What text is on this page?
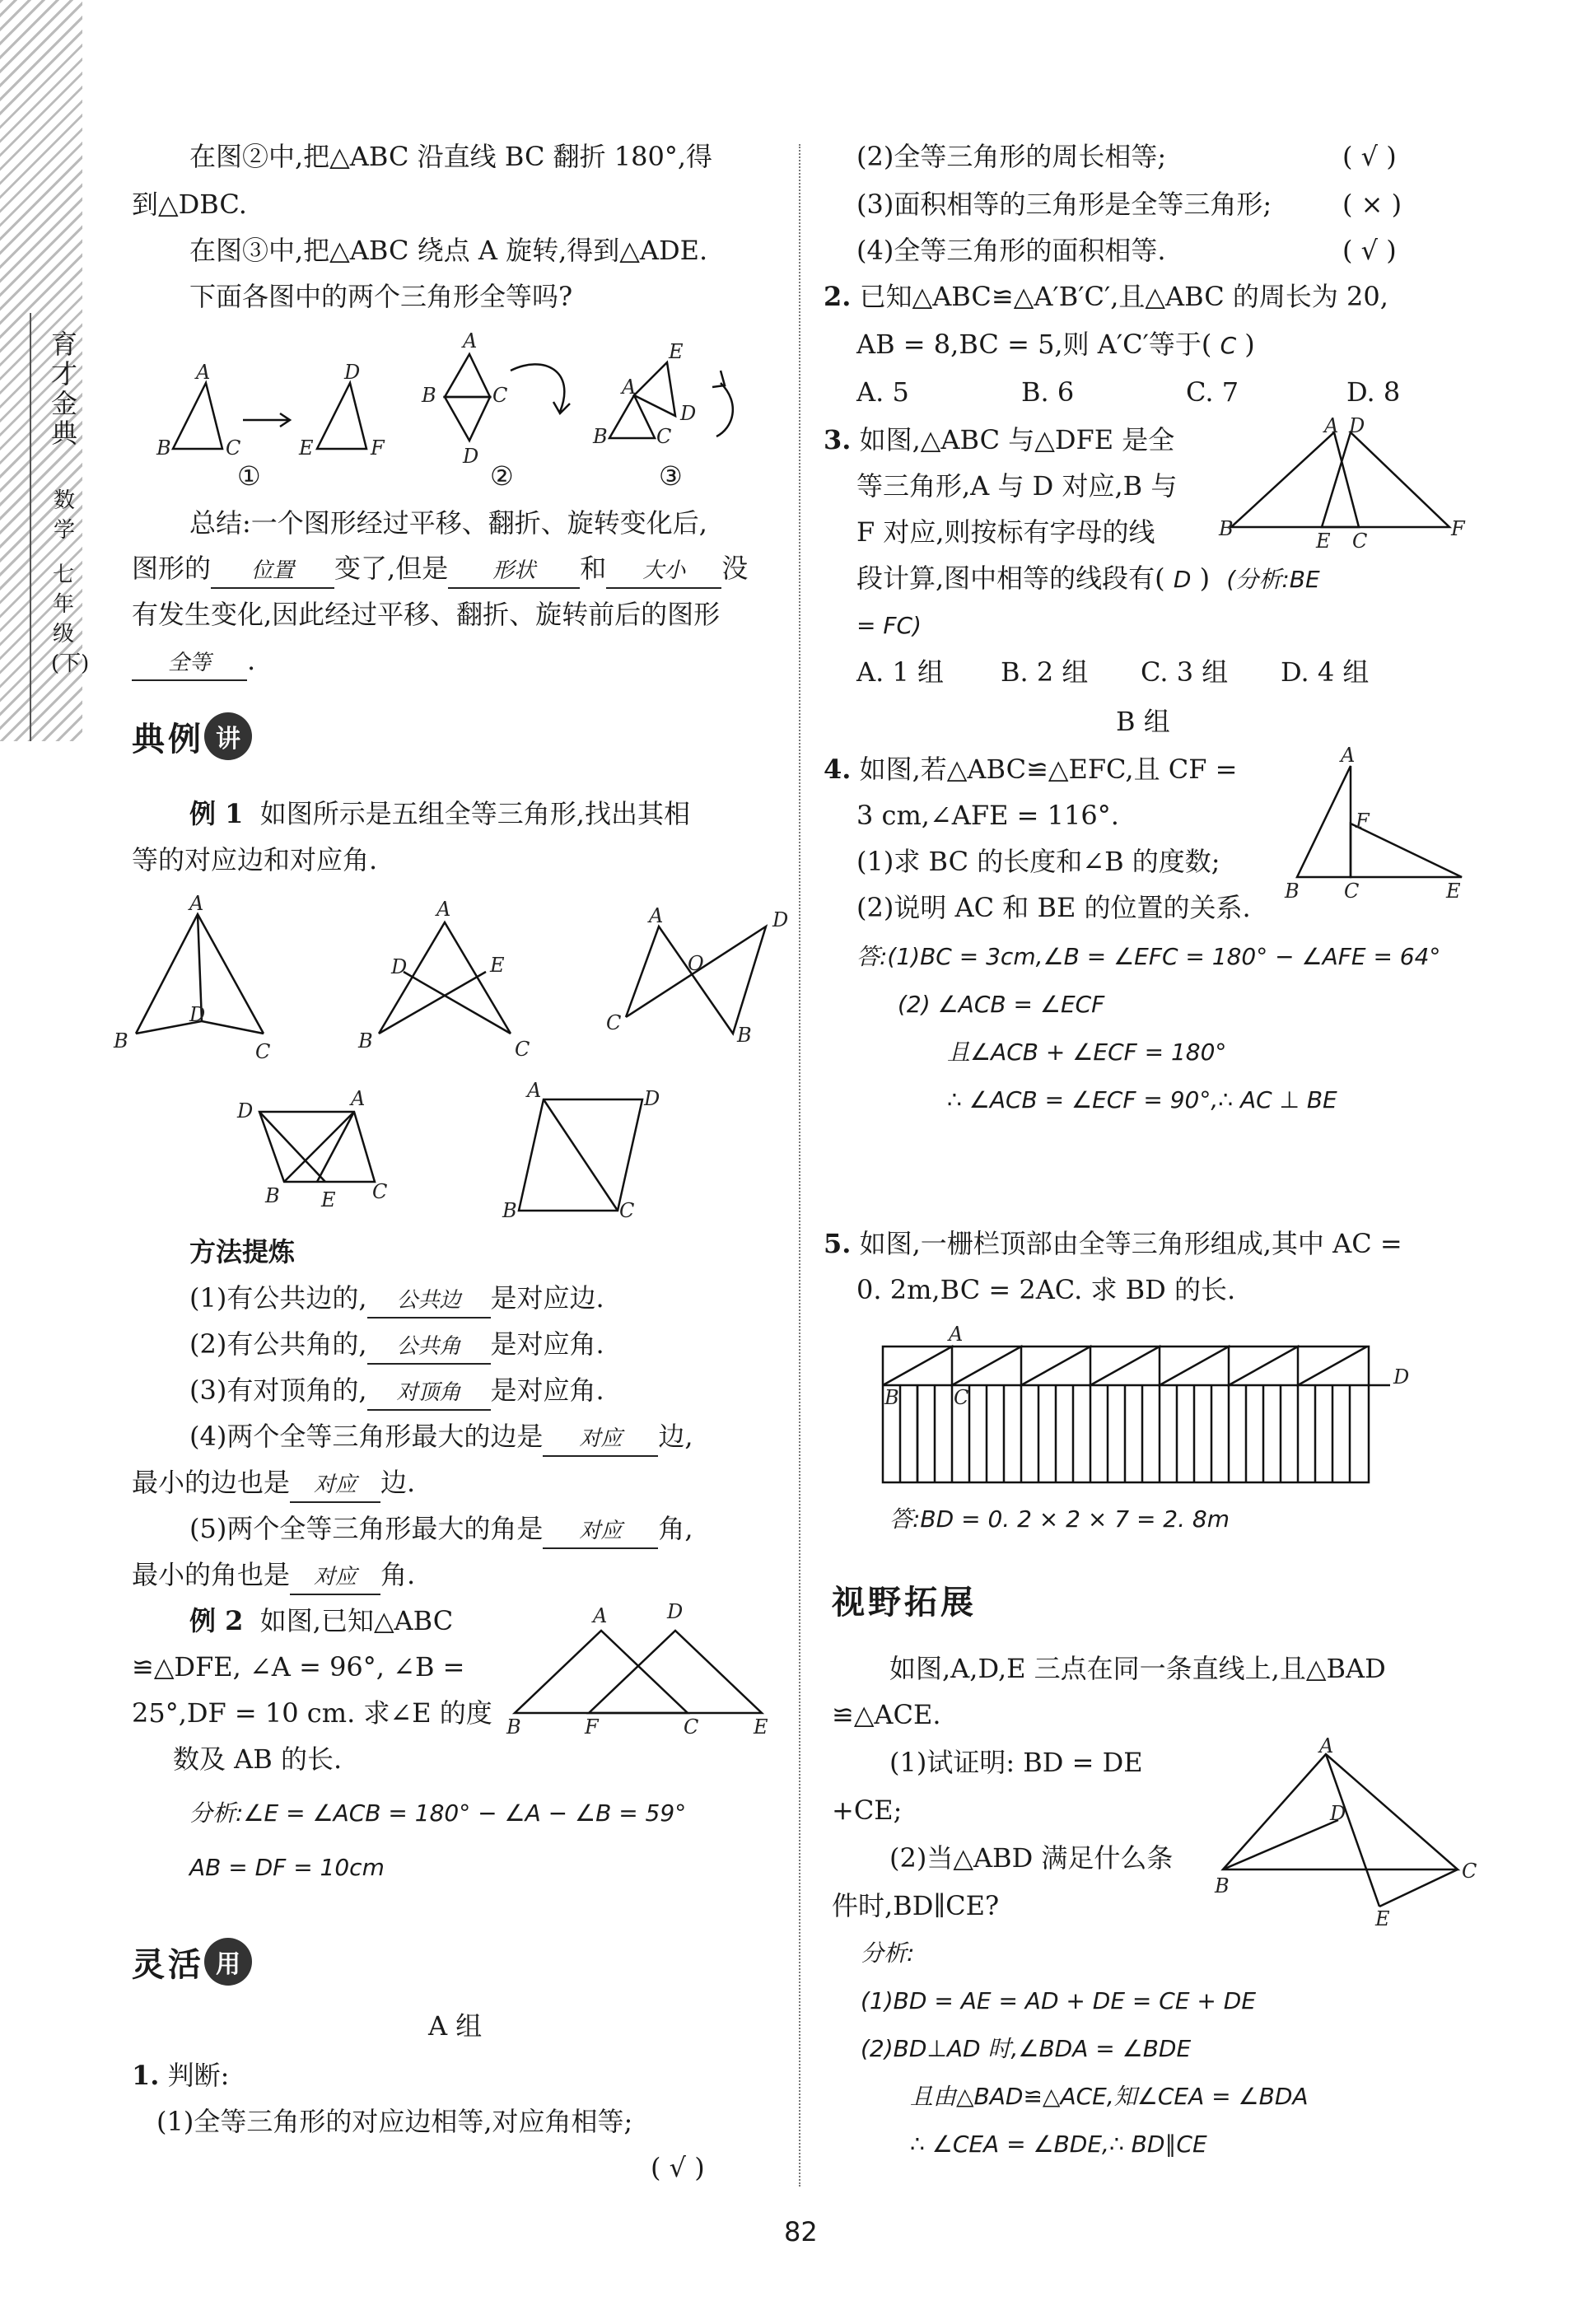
育才金典
数学
七年级(下)
在图②中,把△ABC 沿直线 BC 翻折 180°,得
到△DBC.
在图③中,把△ABC 绕点 A 旋转,得到△ADE.
下面各图中的两个三角形全等吗?
A
B	C
D
E	F
A
B	C
D
A
B C
E
D
①	②	③
总结:一个图形经过平移、翻折、旋转变化后,
图形的 位置 变了,但是 形状 和 大小 没
有发生变化,因此经过平移、翻折、旋转前后的图形
全等 .
典例 讲
例 1 如图所示是五组全等三角形,找出其相
等的对应边和对应角.
A
B
D
C
A
B	C
D	E
A	D
O
C
B
D
A
B E C
A	D
B	C
方法提炼
(1)有公共边的, 公共边 是对应边.
(2)有公共角的, 公共角 是对应角.
(3)有对顶角的, 对顶角 是对应角.
(4)两个全等三角形最大的边是 对应 边,
最小的边也是 对应 边.
(5)两个全等三角形最大的角是 对应 角,
最小的角也是 对应 角.
例 2 如图,已知△ABC
≌△DFE, ∠A = 96°, ∠B =
25°,DF = 10 cm. 求∠E 的度
数及 AB 的长.
A	D
B	F	C	E
分析:∠E = ∠ACB = 180° − ∠A − ∠B = 59°
AB = DF = 10cm
灵活 用
A 组
1. 判断:
(1)全等三角形的对应边相等,对应角相等;
( √ )
(2)全等三角形的周长相等;	( √ )
(3)面积相等的三角形是全等三角形;	( × )
(4)全等三角形的面积相等.	( √ )
2. 已知△ABC≌△A′B′C′,且△ABC 的周长为 20,
AB = 8,BC = 5,则 A′C′等于( C )
A. 5	B. 6	C. 7	D. 8
3. 如图,△ABC 与△DFE 是全
等三角形,A 与 D 对应,B 与
F 对应,则按标有字母的线
段计算,图中相等的线段有( D ) (分析:BE
= FC)
A D
B
E C
F
A. 1 组 B. 2 组 C. 3 组 D. 4 组
B 组
4. 如图,若△ABC≌△EFC,且 CF =
3 cm,∠AFE = 116°.
(1)求 BC 的长度和∠B 的度数;
(2)说明 AC 和 BE 的位置的关系.
A
F
B C	E
答:(1)BC = 3cm,∠B = ∠EFC = 180° − ∠AFE = 64°
(2) ∠ACB = ∠ECF
且∠ACB + ∠ECF = 180°
∴ ∠ACB = ∠ECF = 90°,∴ AC ⊥ BE
5. 如图,一栅栏顶部由全等三角形组成,其中 AC =
0. 2m,BC = 2AC. 求 BD 的长.
A
B	C
D
答:BD = 0. 2 × 2 × 7 = 2. 8m
视野拓展
如图,A,D,E 三点在同一条直线上,且△BAD
≌△ACE.
(1)试证明: BD = DE
+CE;
(2)当△ABD 满足什么条
件时,BD∥CE?
A
D
B
C
E
分析:
(1)BD = AE = AD + DE = CE + DE
(2)BD⊥AD 时,∠BDA = ∠BDE
且由△BAD≌△ACE,知∠CEA = ∠BDA
∴ ∠CEA = ∠BDE,∴ BD∥CE
82
